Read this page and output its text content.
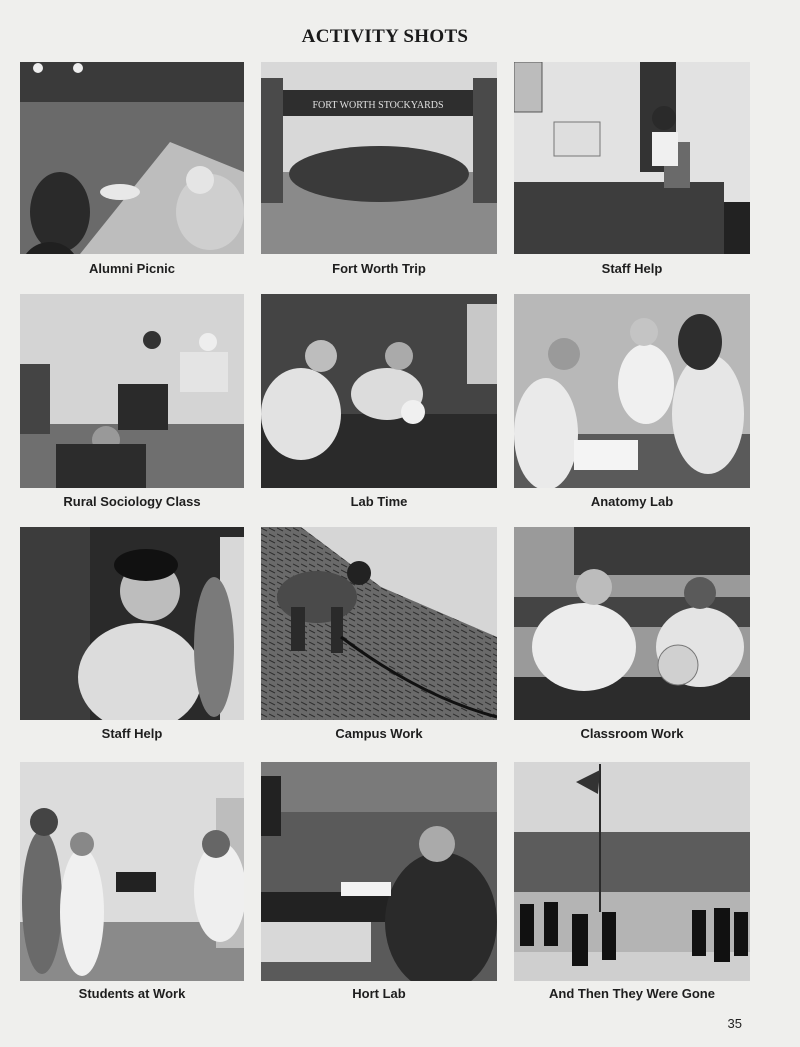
ACTIVITY SHOTS
Alumni Picnic
FORT WORTH STOCKYARDS
Fort Worth Trip	Staff Help
Rural Sociology Class	Lab Time	Anatomy Lab
Staff Help	Campus Work	Classroom Work
Students at Work	Hort Lab	And Then They Were Gone
35
